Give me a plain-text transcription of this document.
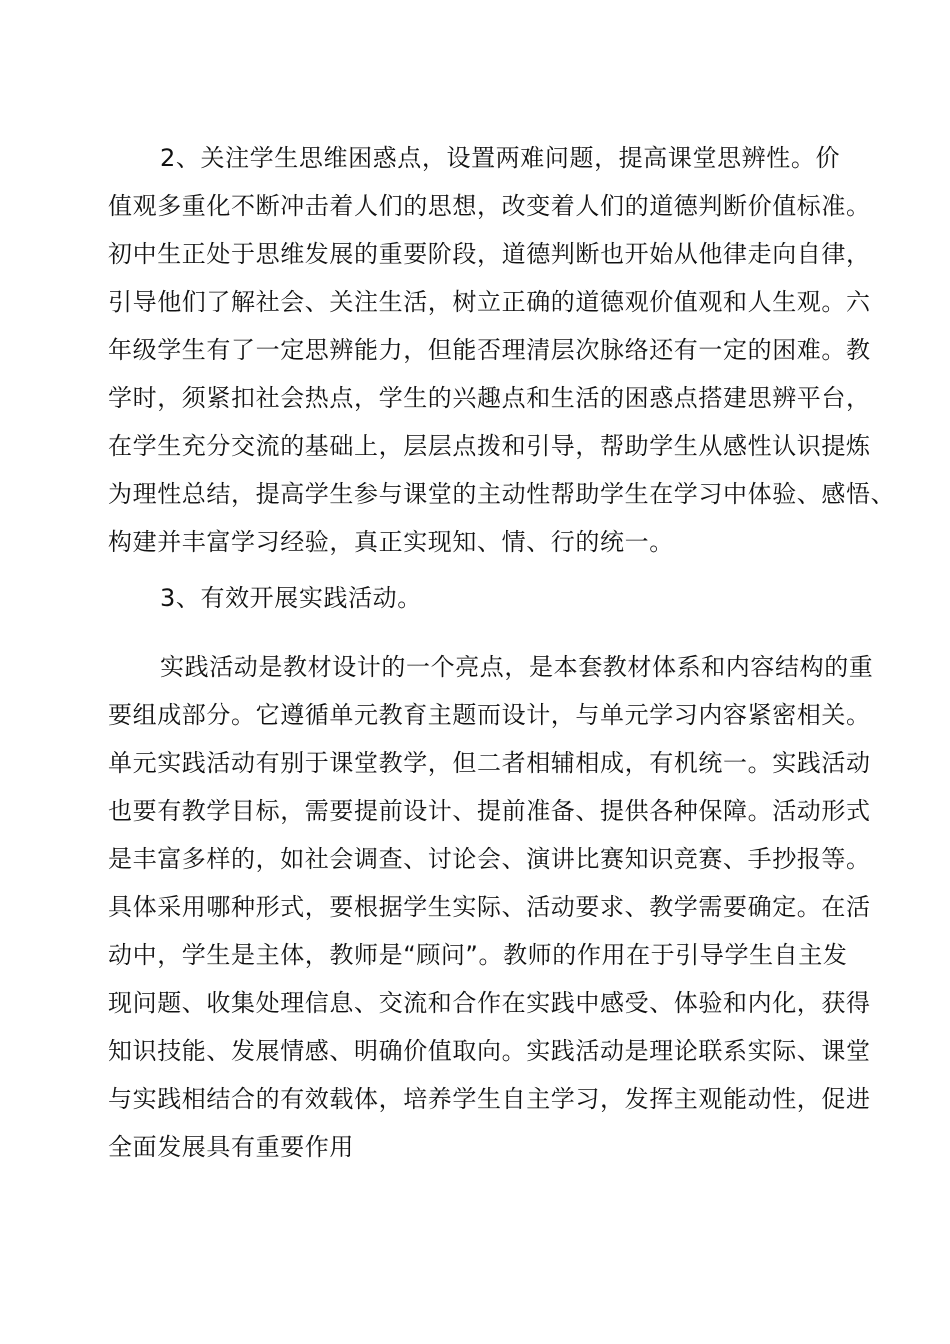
2、关注学生思维困惑点，设置两难问题，提高课堂思辨性。价
值观多重化不断冲击着人们的思想，改变着人们的道德判断价值标准。
初中生正处于思维发展的重要阶段，道德判断也开始从他律走向自律，
引导他们了解社会、关注生活，树立正确的道德观价值观和人生观。六
年级学生有了一定思辨能力，但能否理清层次脉络还有一定的困难。教
学时，须紧扣社会热点，学生的兴趣点和生活的困惑点搭建思辨平台，
在学生充分交流的基础上，层层点拨和引导，帮助学生从感性认识提炼
为理性总结，提高学生参与课堂的主动性帮助学生在学习中体验、感悟、
构建并丰富学习经验，真正实现知、情、行的统一。
3、有效开展实践活动。
实践活动是教材设计的一个亮点，是本套教材体系和内容结构的重
要组成部分。它遵循单元教育主题而设计，与单元学习内容紧密相关。
单元实践活动有别于课堂教学，但二者相辅相成，有机统一。实践活动
也要有教学目标，需要提前设计、提前准备、提供各种保障。活动形式
是丰富多样的，如社会调查、讨论会、演讲比赛知识竞赛、手抄报等。
具体采用哪种形式，要根据学生实际、活动要求、教学需要确定。在活
动中，学生是主体，教师是“顾问”。教师的作用在于引导学生自主发
现问题、收集处理信息、交流和合作在实践中感受、体验和内化，获得
知识技能、发展情感、明确价值取向。实践活动是理论联系实际、课堂
与实践相结合的有效载体，培养学生自主学习，发挥主观能动性，促进
全面发展具有重要作用
